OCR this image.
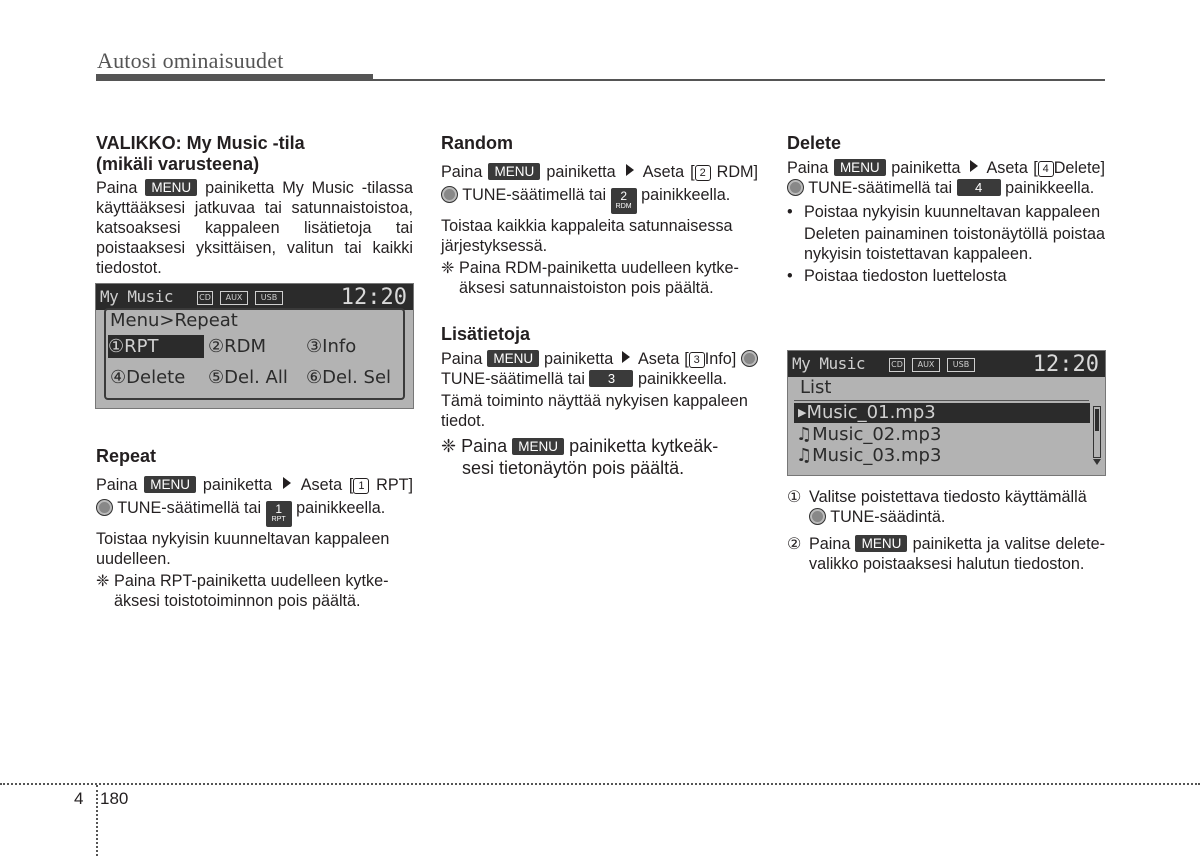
Autosi ominaisuudet

VALIKKO: My Music -tila

(mikäli varusteena)

Paina MENU painiketta My Music -tilassa käyttääksesi jatkuvaa tai satunnaistoistoa, katsoaksesi kappaleen lisätietoja tai poistaaksesi yksittäisen, valitun tai kaikki tiedostot.

My Music	CD	AUX	USB	12:20
Menu>Repeat
①RPT	②RDM ③Info
④Delete ⑤Del. All ⑥Del. Sel

Repeat

Paina MENU painiketta Aseta [ 1 RPT]  TUNE-säätimellä tai	1
RPT
painikkeella.

Toistaa nykyisin kuunneltavan kappaleen uudelleen.

❈ Paina RPT-painiketta uudelleen kytke-

äksesi toistotoiminnon pois päältä.

Random

Paina MENU painiketta Aseta [ 2 RDM]  TUNE-säätimellä tai	2
RDM
painikkeella.

Toistaa kaikkia kappaleita satunnaisessa järjestyksessä.

❈ Paina RDM-painiketta uudelleen kytke-

äksesi satunnaistoiston pois päältä.

Lisätietoja

Paina MENU painiketta Aseta [ 3 Info]  TUNE-säätimellä tai 3 painikkeella.

Tämä toiminto näyttää nykyisen kappaleen tiedot.

❈ Paina MENU painiketta kytkeäk-

sesi tietonäytön pois päältä.

Delete

Paina MENU painiketta Aseta [ 4 Delete]  TUNE-säätimellä tai 4 painikkeella.

• Poistaa nykyisin kuunneltavan kappaleen

Deleten painaminen toistonäytöllä poistaa nykyisin toistettavan kappaleen.

• Poistaa tiedoston luettelosta

My Music	CD	AUX	USB	12:20
List
▶Music_01.mp3
♫Music_02.mp3
♫Music_03.mp3

① Valitse poistettava tiedosto käyttämällä  TUNE-säädintä.

② Paina MENU painiketta ja valitse delete-valikko poistaaksesi halutun tiedoston.

4 180
